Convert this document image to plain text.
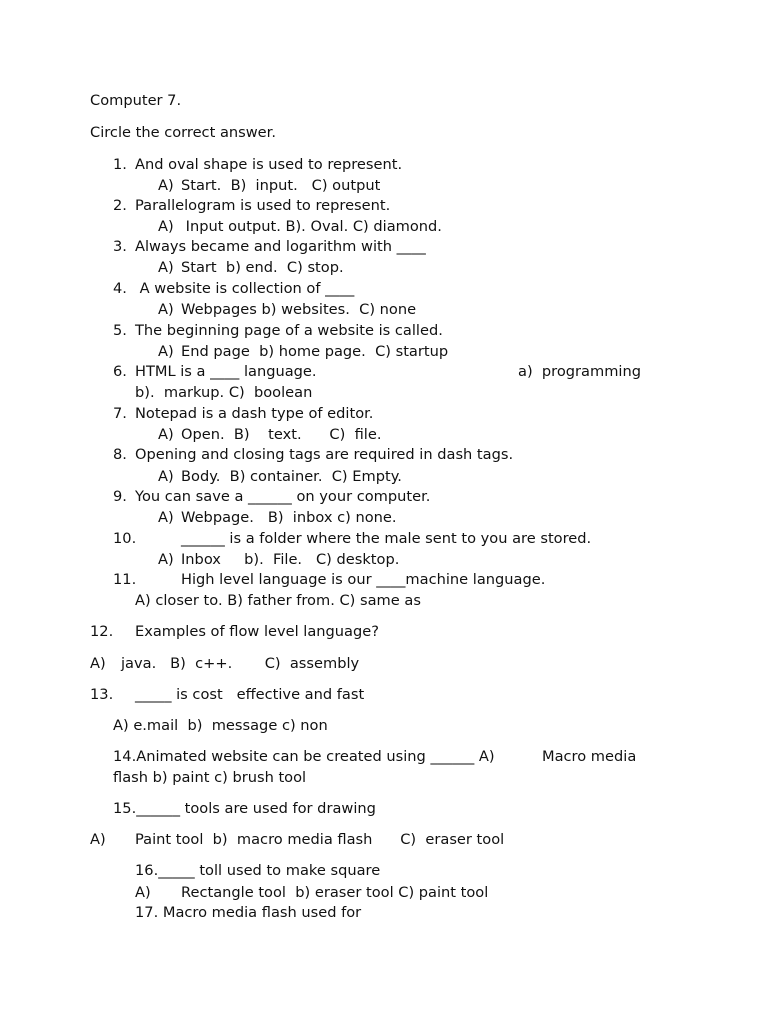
Computer 7.
Circle the correct answer.
1. And oval shape is used to represent.
A) Start.  B)  input.   C) output
2. Parallelogram is used to represent.
A) Input output. B). Oval. C) diamond.
3. Always became and logarithm with ____
A) Start  b) end.  C) stop.
4. A website is collection of ____
A) Webpages b) websites.  C) none
5. The beginning page of a website is called.
A) End page  b) home page.  C) startup
6. HTML is a ____ language.	a)  programming
b).  markup. C)  boolean
7. Notepad is a dash type of editor.
A) Open.  B)    text.      C)  file.
8. Opening and closing tags are required in dash tags.
A) Body.  B) container.  C) Empty.
9. You can save a ______ on your computer.
A) Webpage.   B)  inbox c) none.
10.	______ is a folder where the male sent to you are stored.
A) Inbox     b).  File.   C) desktop.
11.	High level language is our ____machine language.
A) closer to. B) father from. C) same as
12. Examples of flow level language?
A) java.   B)  c++.       C)  assembly
13. _____ is cost   effective and fast
A) e.mail  b)  message c) non
14.Animated website can be created using ______ A)	Macro media
flash b) paint c) brush tool
15.______ tools are used for drawing
A) Paint tool  b)  macro media flash      C)  eraser tool
16._____ toll used to make square
A) Rectangle tool  b) eraser tool C) paint tool
17. Macro media flash used for
